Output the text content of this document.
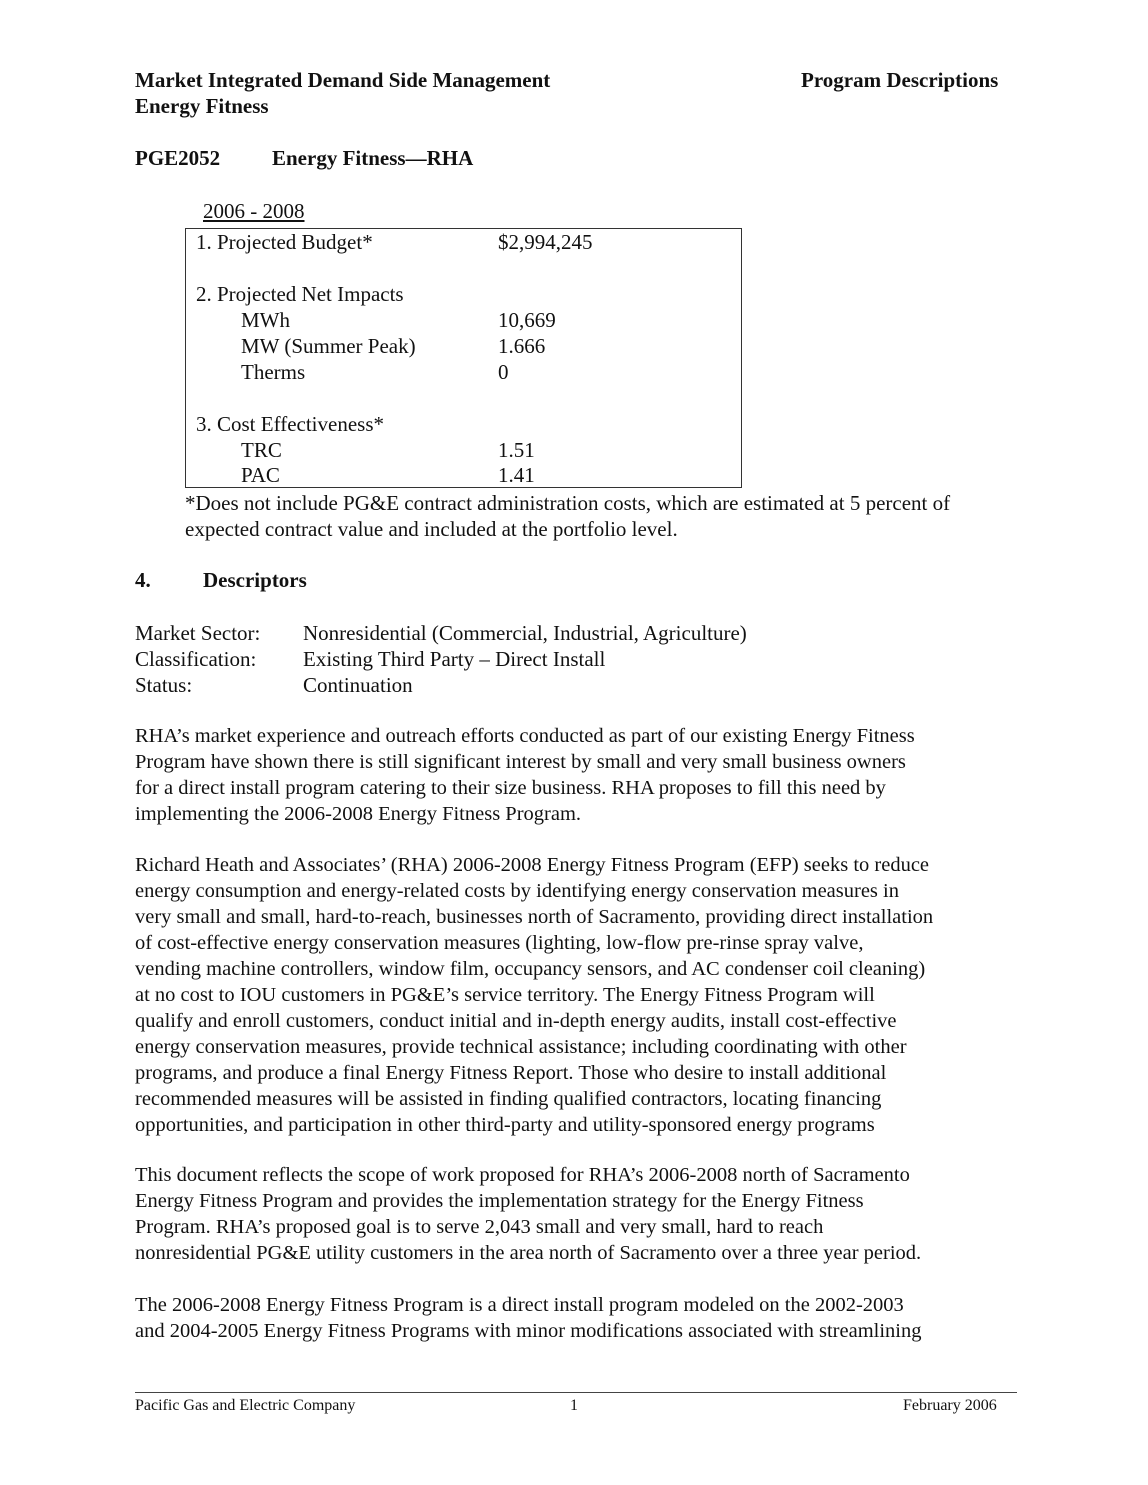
Market Integrated Demand Side Management
Energy Fitness
Program Descriptions
PGE2052 Energy Fitness—RHA
2006 - 2008
1. Projected Budget*	$2,994,245
2. Projected Net Impacts
MWh	10,669
MW (Summer Peak)	1.666
Therms	0
3. Cost Effectiveness*
TRC	1.51
PAC	1.41
*Does not include PG&E contract administration costs, which are estimated at 5 percent of
expected contract value and included at the portfolio level.
4. Descriptors
Market Sector: Nonresidential (Commercial, Industrial, Agriculture)
Classification: Existing Third Party – Direct Install
Status:	Continuation
RHA’s market experience and outreach efforts conducted as part of our existing Energy Fitness
Program have shown there is still significant interest by small and very small business owners
for a direct install program catering to their size business. RHA proposes to fill this need by
implementing the 2006-2008 Energy Fitness Program.
Richard Heath and Associates’ (RHA) 2006-2008 Energy Fitness Program (EFP) seeks to reduce
energy consumption and energy-related costs by identifying energy conservation measures in
very small and small, hard-to-reach, businesses north of Sacramento, providing direct installation
of cost-effective energy conservation measures (lighting, low-flow pre-rinse spray valve,
vending machine controllers, window film, occupancy sensors, and AC condenser coil cleaning)
at no cost to IOU customers in PG&E’s service territory. The Energy Fitness Program will
qualify and enroll customers, conduct initial and in-depth energy audits, install cost-effective
energy conservation measures, provide technical assistance; including coordinating with other
programs, and produce a final Energy Fitness Report. Those who desire to install additional
recommended measures will be assisted in finding qualified contractors, locating financing
opportunities, and participation in other third-party and utility-sponsored energy programs
This document reflects the scope of work proposed for RHA’s 2006-2008 north of Sacramento
Energy Fitness Program and provides the implementation strategy for the Energy Fitness
Program. RHA’s proposed goal is to serve 2,043 small and very small, hard to reach
nonresidential PG&E utility customers in the area north of Sacramento over a three year period.
The 2006-2008 Energy Fitness Program is a direct install program modeled on the 2002-2003
and 2004-2005 Energy Fitness Programs with minor modifications associated with streamlining
Pacific Gas and Electric Company	1	February 2006
